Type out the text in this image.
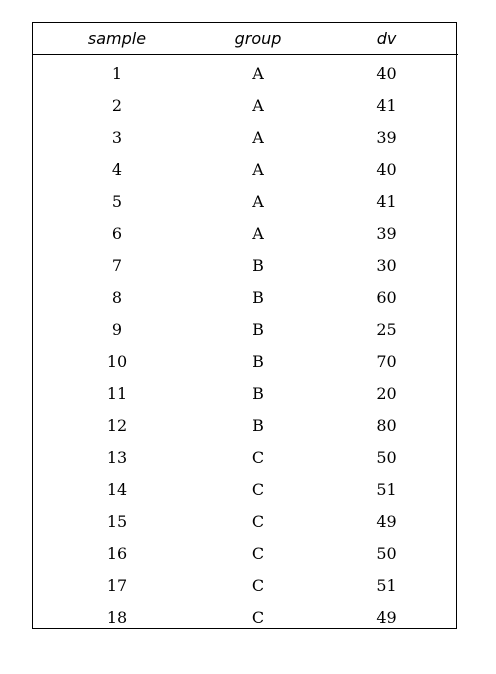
sample	group	dv
1	A	40
2	A	41
3	A	39
4	A	40
5	A	41
6	A	39
7	B	30
8	B	60
9	B	25
10	B	70
11	B	20
12	B	80
13	C	50
14	C	51
15	C	49
16	C	50
17	C	51
18	C	49
